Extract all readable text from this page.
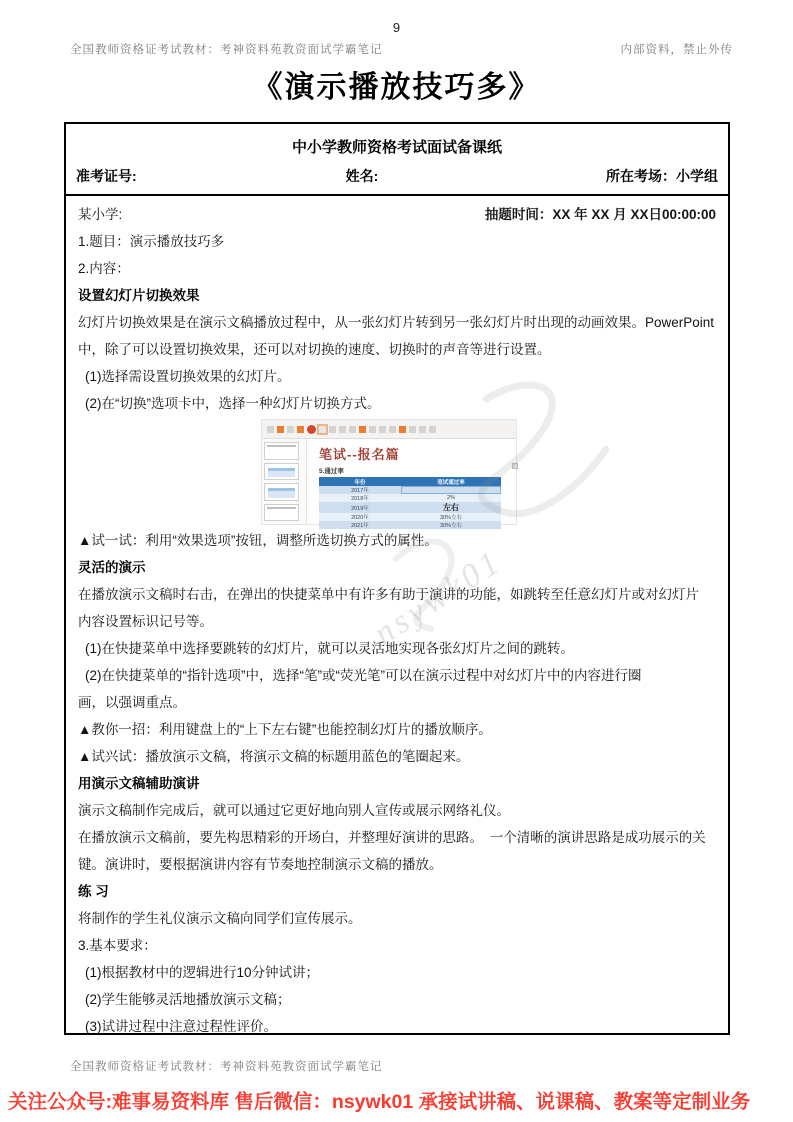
9
全国教师资格证考试教材：考神资料苑教资面试学霸笔记	内部资料，禁止外传
《演示播放技巧多》
中小学教师资格考试面试备课纸
准考证号:	姓名:	所在考场：小学组
某小学:	抽题时间：XX 年 XX 月 XX日00:00:00
1.题目：演示播放技巧多
2.内容：
设置幻灯片切换效果
幻灯片切换效果是在演示文稿播放过程中，从一张幻灯片转到另一张幻灯片时出现的动画效果。PowerPoint
中，除了可以设置切换效果，还可以对切换的速度、切换时的声音等进行设置。
(1)选择需设置切换效果的幻灯片。
(2)在“切换”选项卡中，选择一种幻灯片切换方式。
笔试--报名篇
5.通过率
年份	笔试通过率
2017年	
2018年	2%
2019年	左右
2020年	30%左右
2021年	30%左右
▲试一试：利用“效果选项”按钮，调整所选切换方式的属性。
灵活的演示
在播放演示文稿时右击，在弹出的快捷菜单中有许多有助于演讲的功能，如跳转至任意幻灯片或对幻灯片
内容设置标识记号等。
(1)在快捷菜单中选择要跳转的幻灯片，就可以灵活地实现各张幻灯片之间的跳转。
(2)在快捷菜单的“指针选项”中，选择“笔”或“荧光笔”可以在演示过程中对幻灯片中的内容进行圈
画，以强调重点。
▲教你一招：利用键盘上的“上下左右键”也能控制幻灯片的播放顺序。
▲试兴试：播放演示文稿，将演示文稿的标题用蓝色的笔圈起来。
用演示文稿辅助演讲
演示文稿制作完成后，就可以通过它更好地向别人宣传或展示网络礼仪。
在播放演示文稿前，要先构思精彩的开场白，并整理好演讲的思路。　一个清晰的演讲思路是成功展示的关
键。演讲时，要根据演讲内容有节奏地控制演示文稿的播放。
练 习
将制作的学生礼仪演示文稿向同学们宣传展示。
3.基本要求：
(1)根据教材中的逻辑进行10分钟试讲；
(2)学生能够灵活地播放演示文稿；
(3)试讲过程中注意过程性评价。
nsywk01
全国教师资格证考试教材：考神资料苑教资面试学霸笔记
关注公众号:难事易资料库 售后微信：nsywk01 承接试讲稿、说课稿、教案等定制业务
